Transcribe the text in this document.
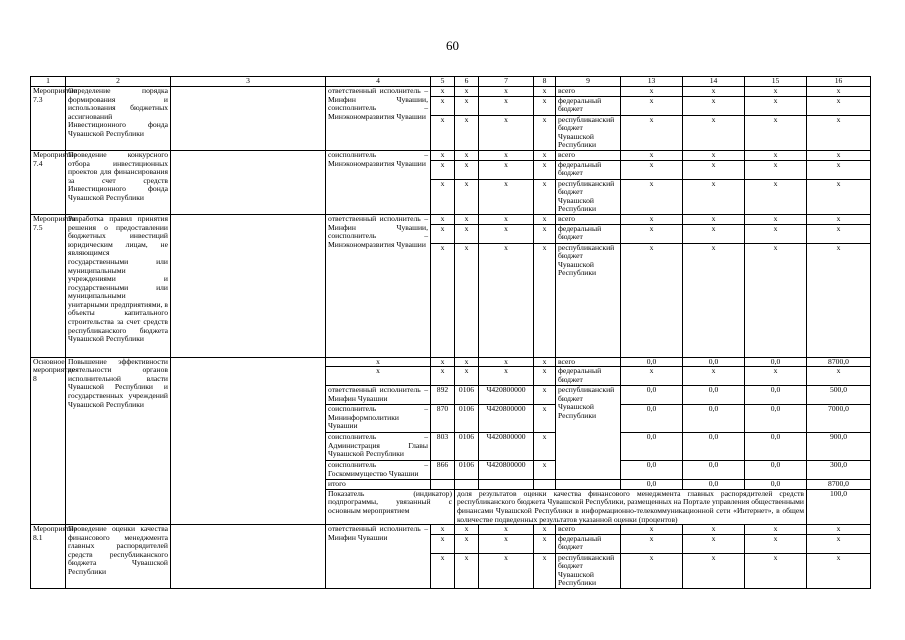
60
1	2	3	4	5	6	7	8	9	13	14	15	16	
Мероприятие 7.3	Определение порядка формирования и использования бюджетных ассигнований Инвестиционного фонда Чувашской Республики		ответственный исполнитель – Минфин Чувашии, соисполнитель – Минэкономразвития Чувашии	x	x	x	x	всего	x	x	x	x	
				x	x	x	x	федеральный бюджет	x	x	x	x	
				x	x	x	x	республиканский бюджет Чувашской Республики	x	x	x	x	
Мероприятие 7.4	Проведение конкурсного отбора инвестиционных проектов для финансирования за счет средств Инвестиционного фонда Чувашской Республики		соисполнитель – Минэкономразвития Чувашии	x	x	x	x	всего	x	x	x	x	
				x	x	x	x	федеральный бюджет	x	x	x	x	
				x	x	x	x	республиканский бюджет Чувашской Республики	x	x	x	x	
Мероприятие 7.5	Разработка правил принятия решения о предоставлении бюджетных инвестиций юридическим лицам, не являющимся государственными или муниципальными учреждениями и государственными или муниципальными унитарными предприятиями, в объекты капитального строительства за счет средств республиканского бюджета Чувашской Республики		ответственный исполнитель – Минфин Чувашии, соисполнитель – Минэкономразвития Чувашии	x	x	x	x	всего	x	x	x	x	
				x	x	x	x	федеральный бюджет	x	x	x	x	
				x	x	x	x	республиканский бюджет Чувашской Республики	x	x	x	x	
Основное мероприятие 8	Повышение эффективности деятельности органов исполнительной власти Чувашской Республики и государственных учреждений Чувашской Республики		x	x	x	x	x	всего	0,0	0,0	0,0	8700,0	
			x	x	x	x	x	федеральный бюджет	x	x	x	x	
			ответственный исполнитель – Минфин Чувашии	892	0106	Ч420800000	x	республиканский бюджет Чувашской Республики	0,0	0,0	0,0	500,0	
			соисполнитель – Мининформполитики Чувашии	870	0106	Ч420800000	x		0,0	0,0	0,0	7000,0	
			соисполнитель – Администрация Главы Чувашской Республики	803	0106	Ч420800000	x		0,0	0,0	0,0	900,0	
			соисполнитель – Госкомимущество Чувашии	866	0106	Ч420800000	x		0,0	0,0	0,0	300,0	
			итого						0,0	0,0	0,0	8700,0	
			Показатель (индикатор) подпрограммы, увязанный с основным мероприятием		доля результатов оценки качества финансового менеджмента главных распорядителей средств республиканского бюджета Чувашской Республики, размещенных на Портале управления общественными финансами Чувашской Республики в информационно-телекоммуникационной сети «Интернет», в общем количестве подведенных результатов указанной оценки (процентов)							100,0			
Мероприятие 8.1	Проведение оценки качества финансового менеджмента главных распорядителей средств республиканского бюджета Чувашской Республики		ответственный исполнитель – Минфин Чувашии	x	x	x	x	всего	x	x	x	x	
				x	x	x	x	федеральный бюджет	x	x	x	x	
				x	x	x	x	республиканский бюджет Чувашской Республики	x	x	x	x	
